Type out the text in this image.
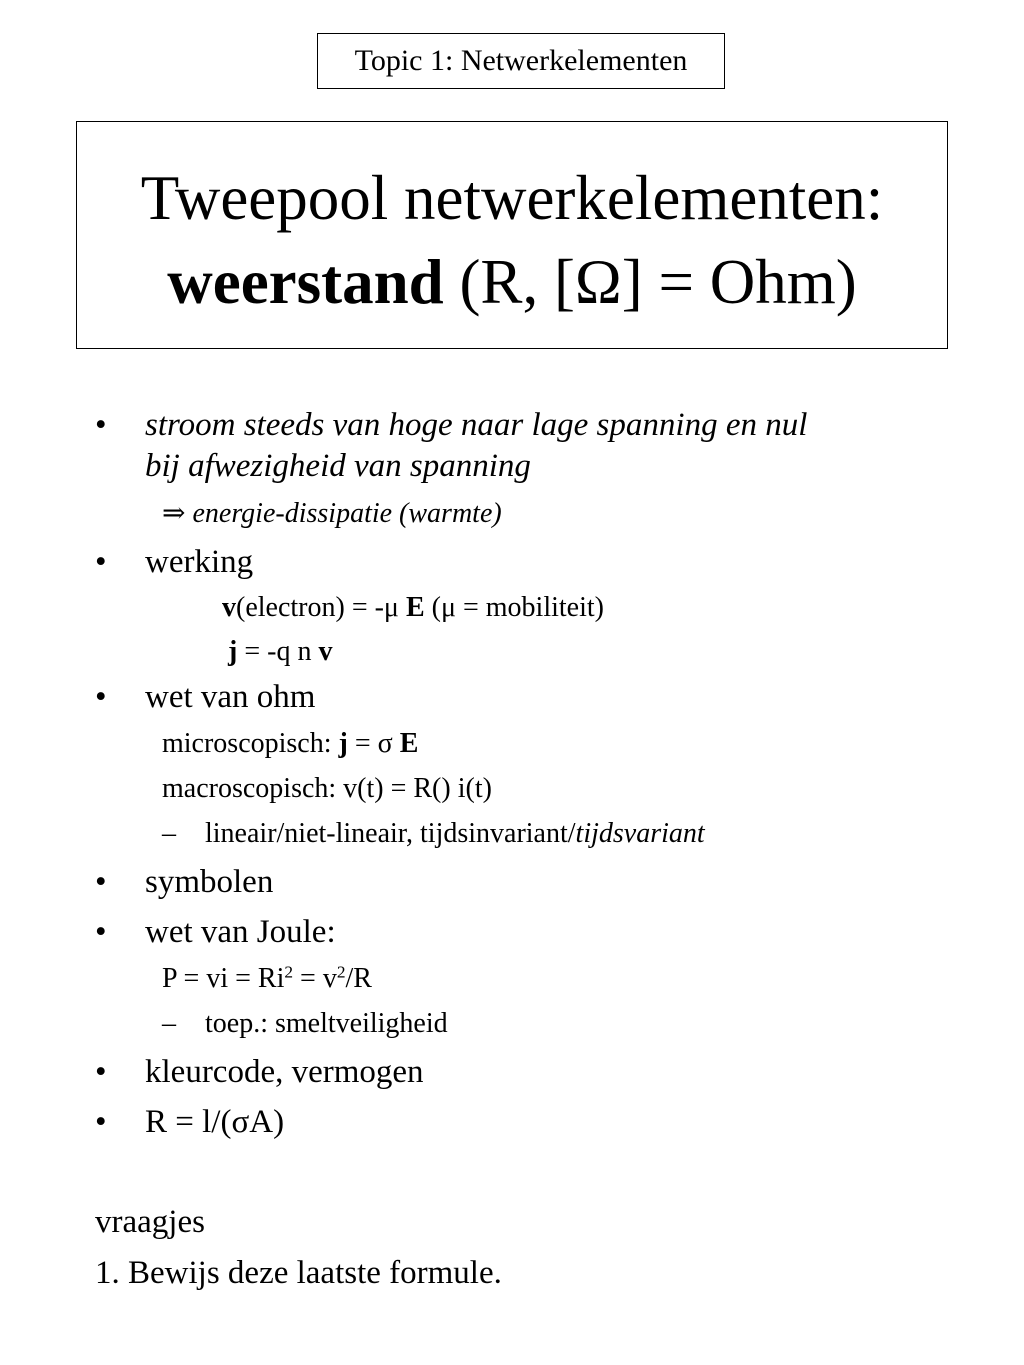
Topic 1: Netwerkelementen
Tweepool netwerkelementen:
weerstand (R, [Ω] = Ohm)
• stroom steeds van hoge naar lage spanning en nul
bij afwezigheid van spanning
⇒ energie-dissipatie (warmte)
• werking
v(electron) = -μ E (μ = mobiliteit)
j = -q n v
• wet van ohm
microscopisch: j = σ E
macroscopisch: v(t) = R() i(t)
– lineair/niet-lineair, tijdsinvariant/tijdsvariant
• symbolen
• wet van Joule:
P = vi = $Ri^2 = v^2/R$
– toep.: smeltveiligheid
• kleurcode, vermogen
• R = l/(σA)
vraagjes
1. Bewijs deze laatste formule.
